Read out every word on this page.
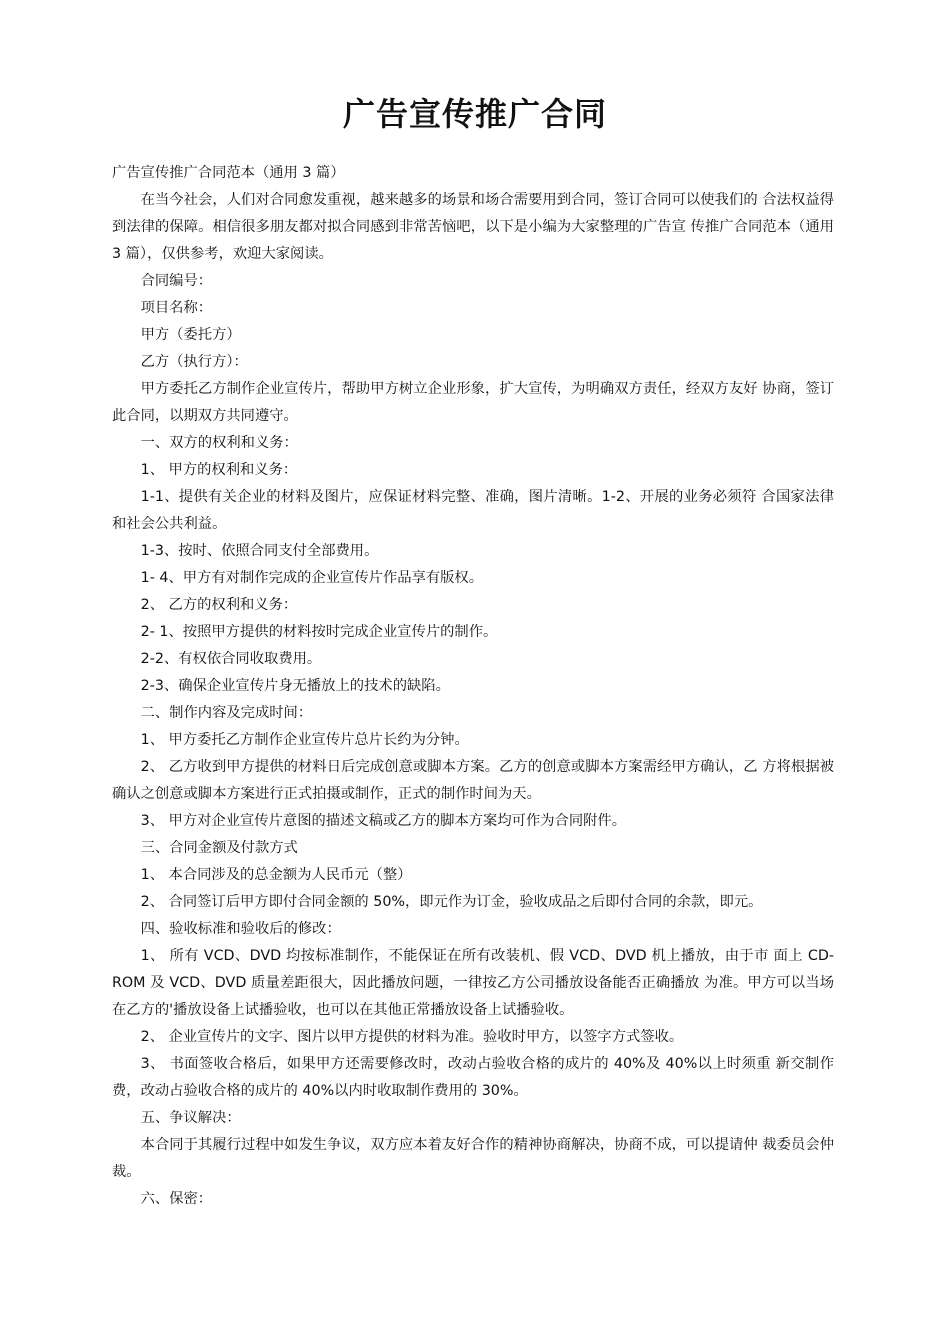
广告宣传推广合同

广告宣传推广合同范本（通用 3 篇）

在当今社会，人们对合同愈发重视，越来越多的场景和场合需要用到合同，签订合同可以使我们的 合法权益得到法律的保障。相信很多朋友都对拟合同感到非常苦恼吧，以下是小编为大家整理的广告宣 传推广合同范本（通用 3 篇），仅供参考，欢迎大家阅读。

合同编号：

项目名称：

甲方（委托方）

乙方（执行方）：

甲方委托乙方制作企业宣传片，帮助甲方树立企业形象，扩大宣传，为明确双方责任，经双方友好 协商，签订此合同，以期双方共同遵守。

一、双方的权利和义务：

1、 甲方的权利和义务：

1-1、提供有关企业的材料及图片，应保证材料完整、准确，图片清晰。1-2、开展的业务必须符 合国家法律和社会公共利益。

1-3、按时、依照合同支付全部费用。

1- 4、甲方有对制作完成的企业宣传片作品享有版权。

2、 乙方的权利和义务：

2- 1、按照甲方提供的材料按时完成企业宣传片的制作。

2-2、有权依合同收取费用。

2-3、确保企业宣传片身无播放上的技术的缺陷。

二、制作内容及完成时间：

1、 甲方委托乙方制作企业宣传片总片长约为分钟。

2、 乙方收到甲方提供的材料日后完成创意或脚本方案。乙方的创意或脚本方案需经甲方确认，乙 方将根据被确认之创意或脚本方案进行正式拍摄或制作，正式的制作时间为天。

3、 甲方对企业宣传片意图的描述文稿或乙方的脚本方案均可作为合同附件。

三、合同金额及付款方式

1、 本合同涉及的总金额为人民币元（整）

2、 合同签订后甲方即付合同金额的 50%，即元作为订金，验收成品之后即付合同的余款，即元。

四、验收标准和验收后的修改：

1、 所有 VCD、DVD 均按标准制作，不能保证在所有改装机、假 VCD、DVD 机上播放，由于市 面上 CD-ROM 及 VCD、DVD 质量差距很大，因此播放问题，一律按乙方公司播放设备能否正确播放 为准。甲方可以当场在乙方的'播放设备上试播验收，也可以在其他正常播放设备上试播验收。

2、 企业宣传片的文字、图片以甲方提供的材料为准。验收时甲方，以签字方式签收。

3、 书面签收合格后，如果甲方还需要修改时，改动占验收合格的成片的 40%及 40%以上时须重 新交制作费，改动占验收合格的成片的 40%以内时收取制作费用的 30%。

五、争议解决：

本合同于其履行过程中如发生争议，双方应本着友好合作的精神协商解决，协商不成，可以提请仲 裁委员会仲裁。

六、保密：
